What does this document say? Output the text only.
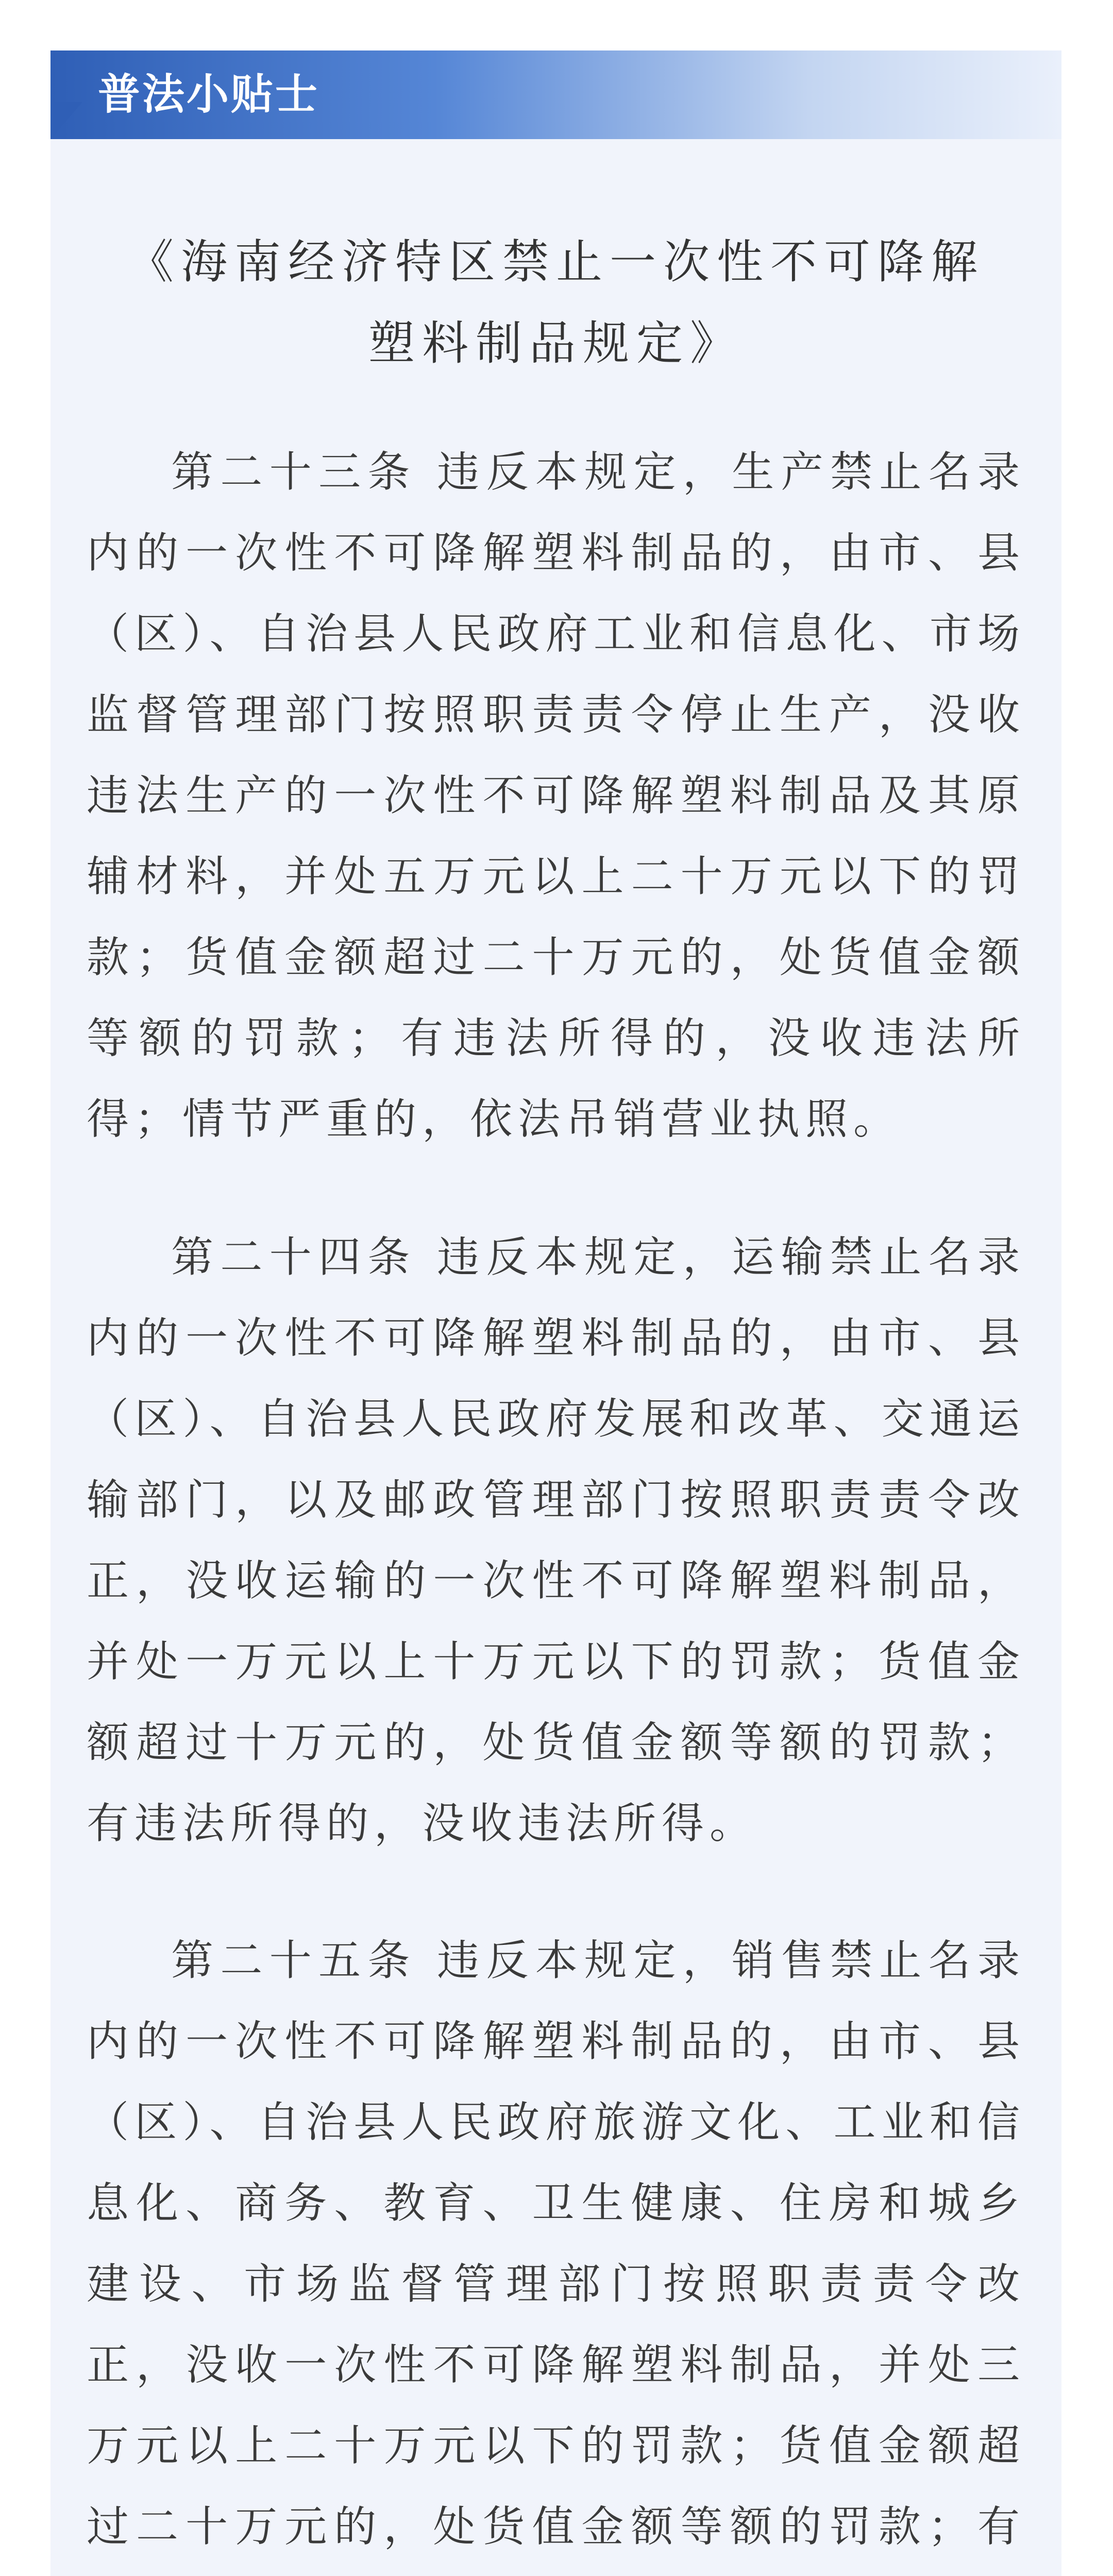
普法小贴士
《海南经济特区禁止一次性不可降解塑料制品规定》

第二十三条 违反本规定，生产禁止名录内的一次性不可降解塑料制品的，由市、县（区）、自治县人民政府工业和信息化、市场监督管理部门按照职责责令停止生产，没收违法生产的一次性不可降解塑料制品及其原辅材料，并处五万元以上二十万元以下的罚款；货值金额超过二十万元的，处货值金额等额的罚款；有违法所得的，没收违法所得；情节严重的，依法吊销营业执照。

第二十四条 违反本规定，运输禁止名录内的一次性不可降解塑料制品的，由市、县（区）、自治县人民政府发展和改革、交通运输部门，以及邮政管理部门按照职责责令改正，没收运输的一次性不可降解塑料制品，并处一万元以上十万元以下的罚款；货值金额超过十万元的，处货值金额等额的罚款；有违法所得的，没收违法所得。

第二十五条 违反本规定，销售禁止名录内的一次性不可降解塑料制品的，由市、县（区）、自治县人民政府旅游文化、工业和信息化、商务、教育、卫生健康、住房和城乡建设、市场监督管理部门按照职责责令改正，没收一次性不可降解塑料制品，并处三万元以上二十万元以下的罚款；货值金额超过二十万元的，处货值金额等额的罚款；有
